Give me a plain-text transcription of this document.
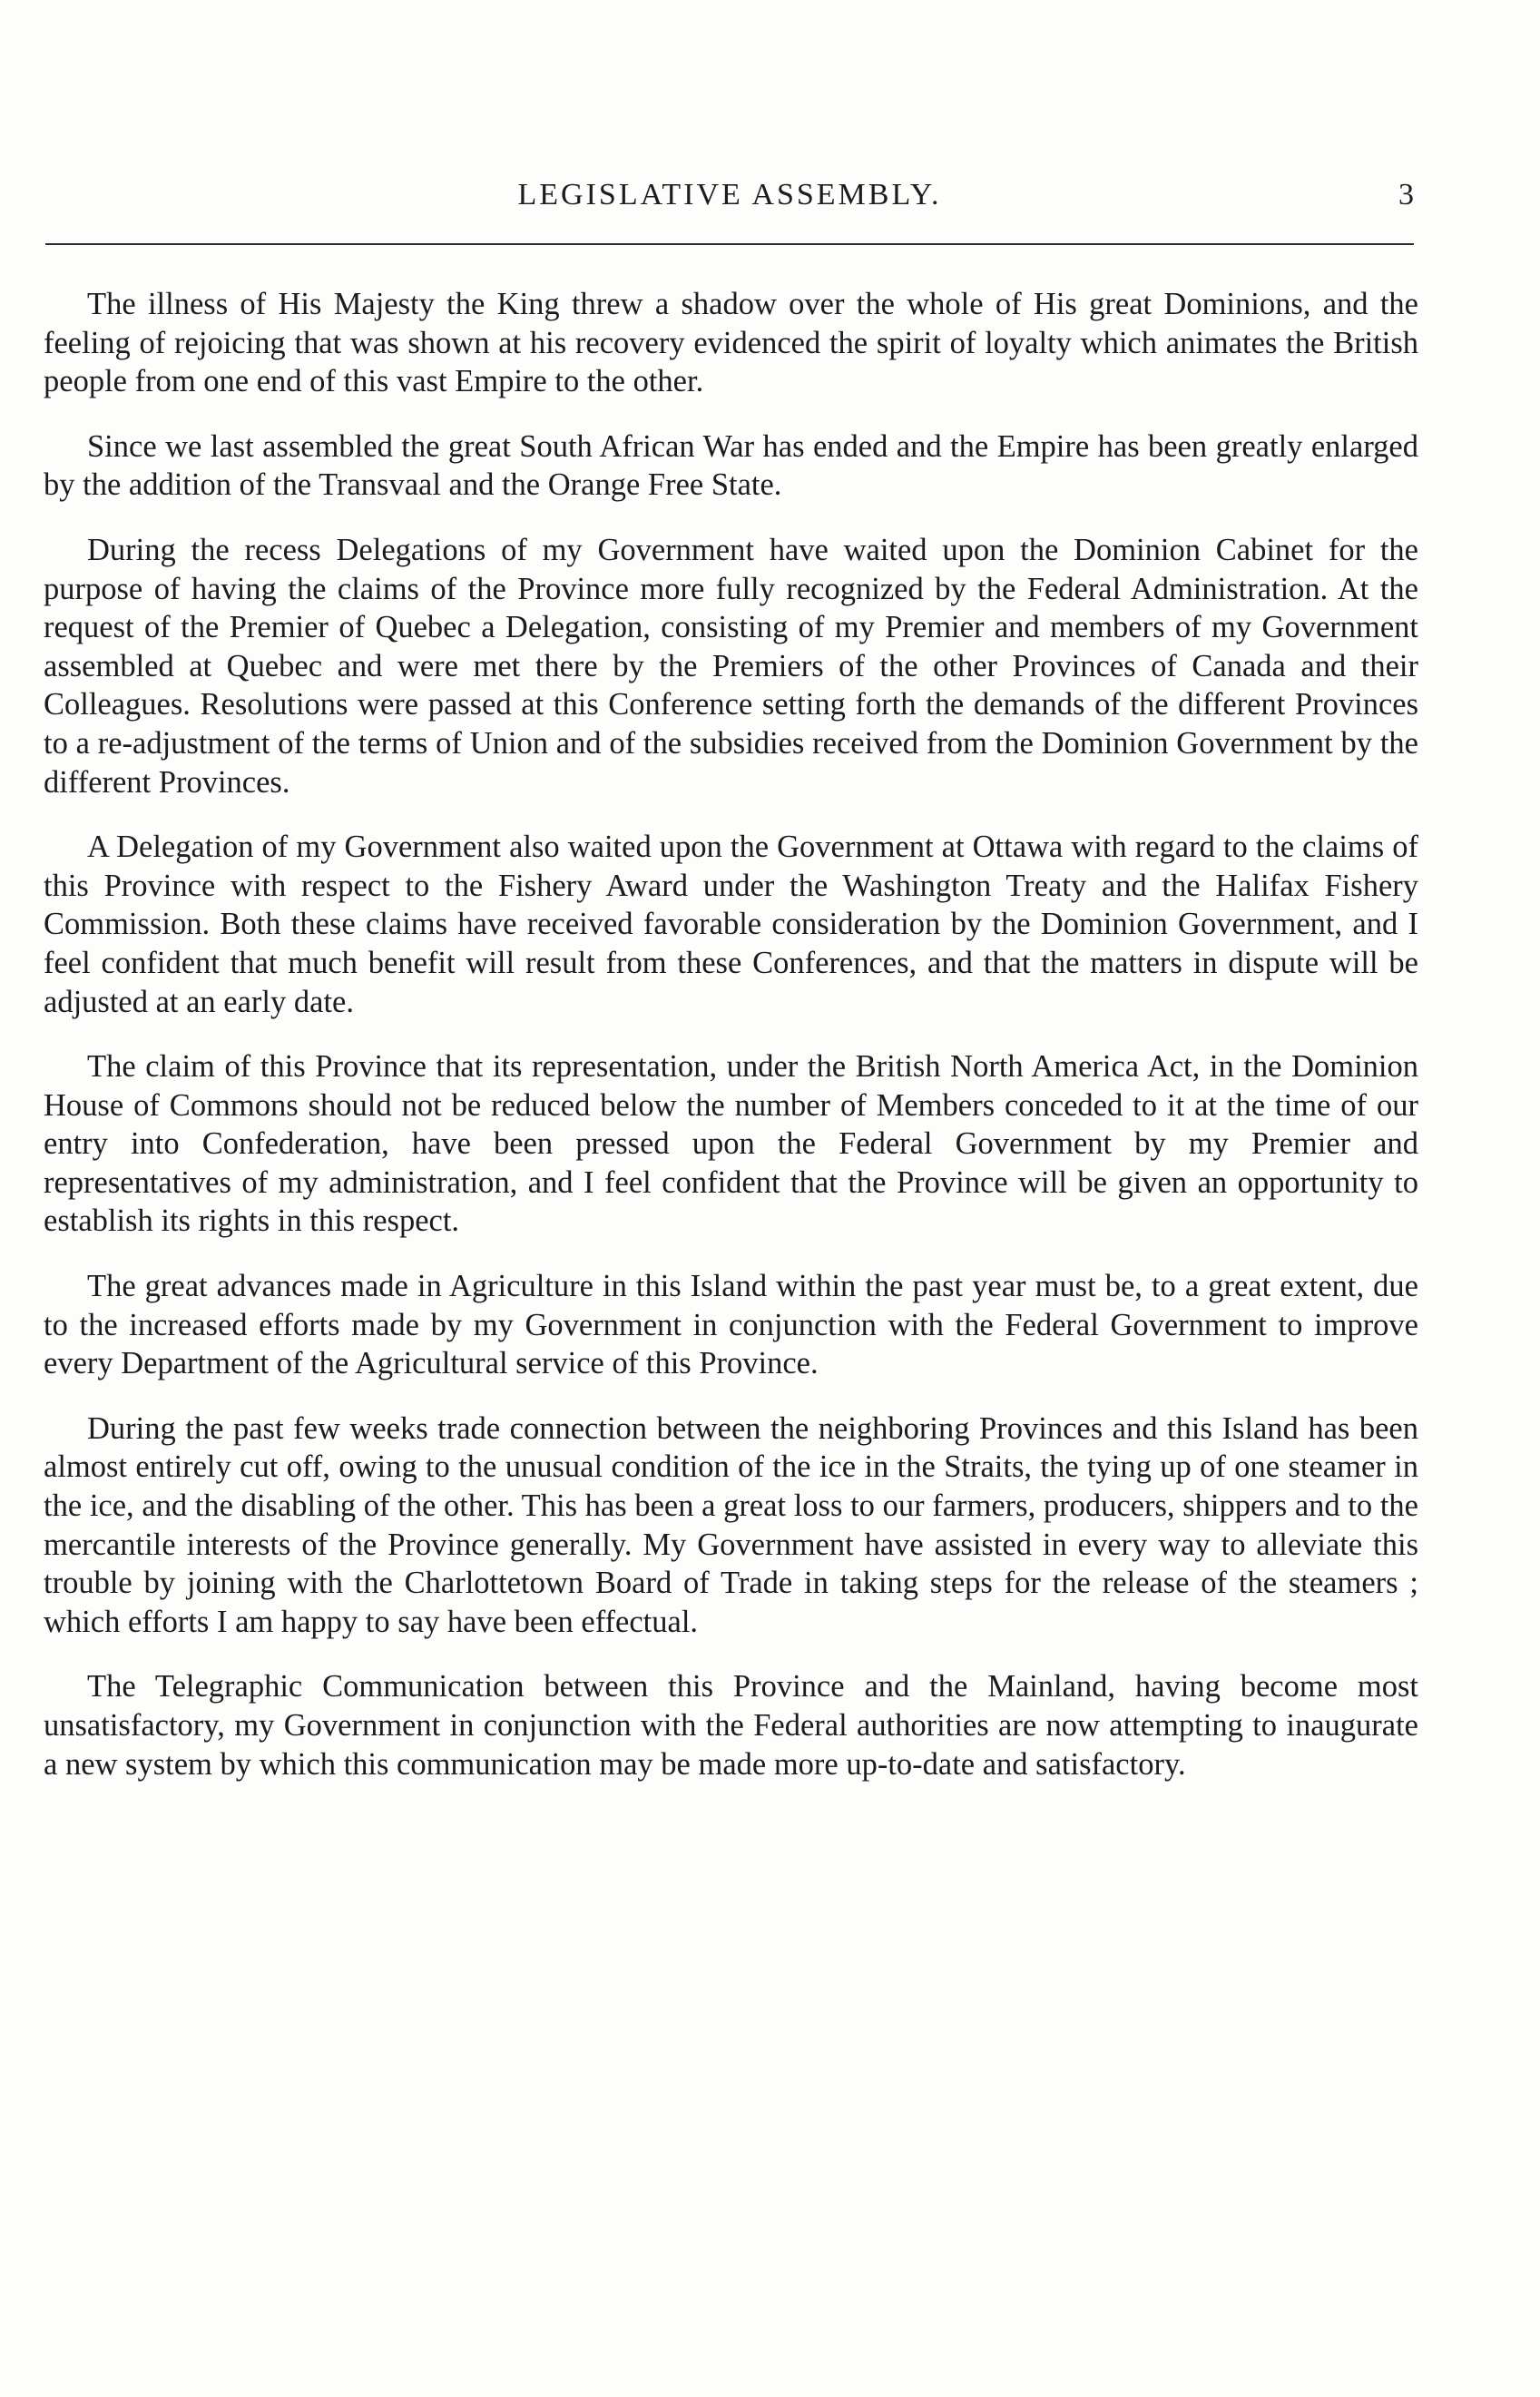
LEGISLATIVE ASSEMBLY.	3

The illness of His Majesty the King threw a shadow over the whole of His great Dominions, and the feeling of rejoicing that was shown at his recovery evidenced the spirit of loyalty which animates the British people from one end of this vast Empire to the other.

Since we last assembled the great South African War has ended and the Empire has been greatly enlarged by the addition of the Transvaal and the Orange Free State.

During the recess Delegations of my Government have waited upon the Dominion Cabinet for the purpose of having the claims of the Province more fully recognized by the Federal Administration. At the request of the Premier of Quebec a Delegation, consisting of my Premier and members of my Government assembled at Quebec and were met there by the Premiers of the other Provinces of Canada and their Colleagues. Resolutions were passed at this Conference setting forth the demands of the different Provinces to a re-adjustment of the terms of Union and of the subsidies received from the Dominion Government by the different Provinces.

A Delegation of my Government also waited upon the Government at Ottawa with regard to the claims of this Province with respect to the Fishery Award under the Washington Treaty and the Halifax Fishery Commission. Both these claims have received favorable consideration by the Dominion Government, and I feel confident that much benefit will result from these Conferences, and that the matters in dispute will be adjusted at an early date.

The claim of this Province that its representation, under the British North America Act, in the Dominion House of Commons should not be reduced below the number of Members conceded to it at the time of our entry into Confederation, have been pressed upon the Federal Government by my Premier and representatives of my administration, and I feel confident that the Province will be given an opportunity to establish its rights in this respect.

The great advances made in Agriculture in this Island within the past year must be, to a great extent, due to the increased efforts made by my Government in conjunction with the Federal Government to improve every Department of the Agricultural service of this Province.

During the past few weeks trade connection between the neighboring Provinces and this Island has been almost entirely cut off, owing to the unusual condition of the ice in the Straits, the tying up of one steamer in the ice, and the disabling of the other. This has been a great loss to our farmers, producers, shippers and to the mercantile interests of the Province generally. My Government have assisted in every way to alleviate this trouble by joining with the Charlottetown Board of Trade in taking steps for the release of the steamers ; which efforts I am happy to say have been effectual.

The Telegraphic Communication between this Province and the Mainland, having become most unsatisfactory, my Government in conjunction with the Federal authorities are now attempting to inaugurate a new system by which this communication may be made more up-to-date and satisfactory.
